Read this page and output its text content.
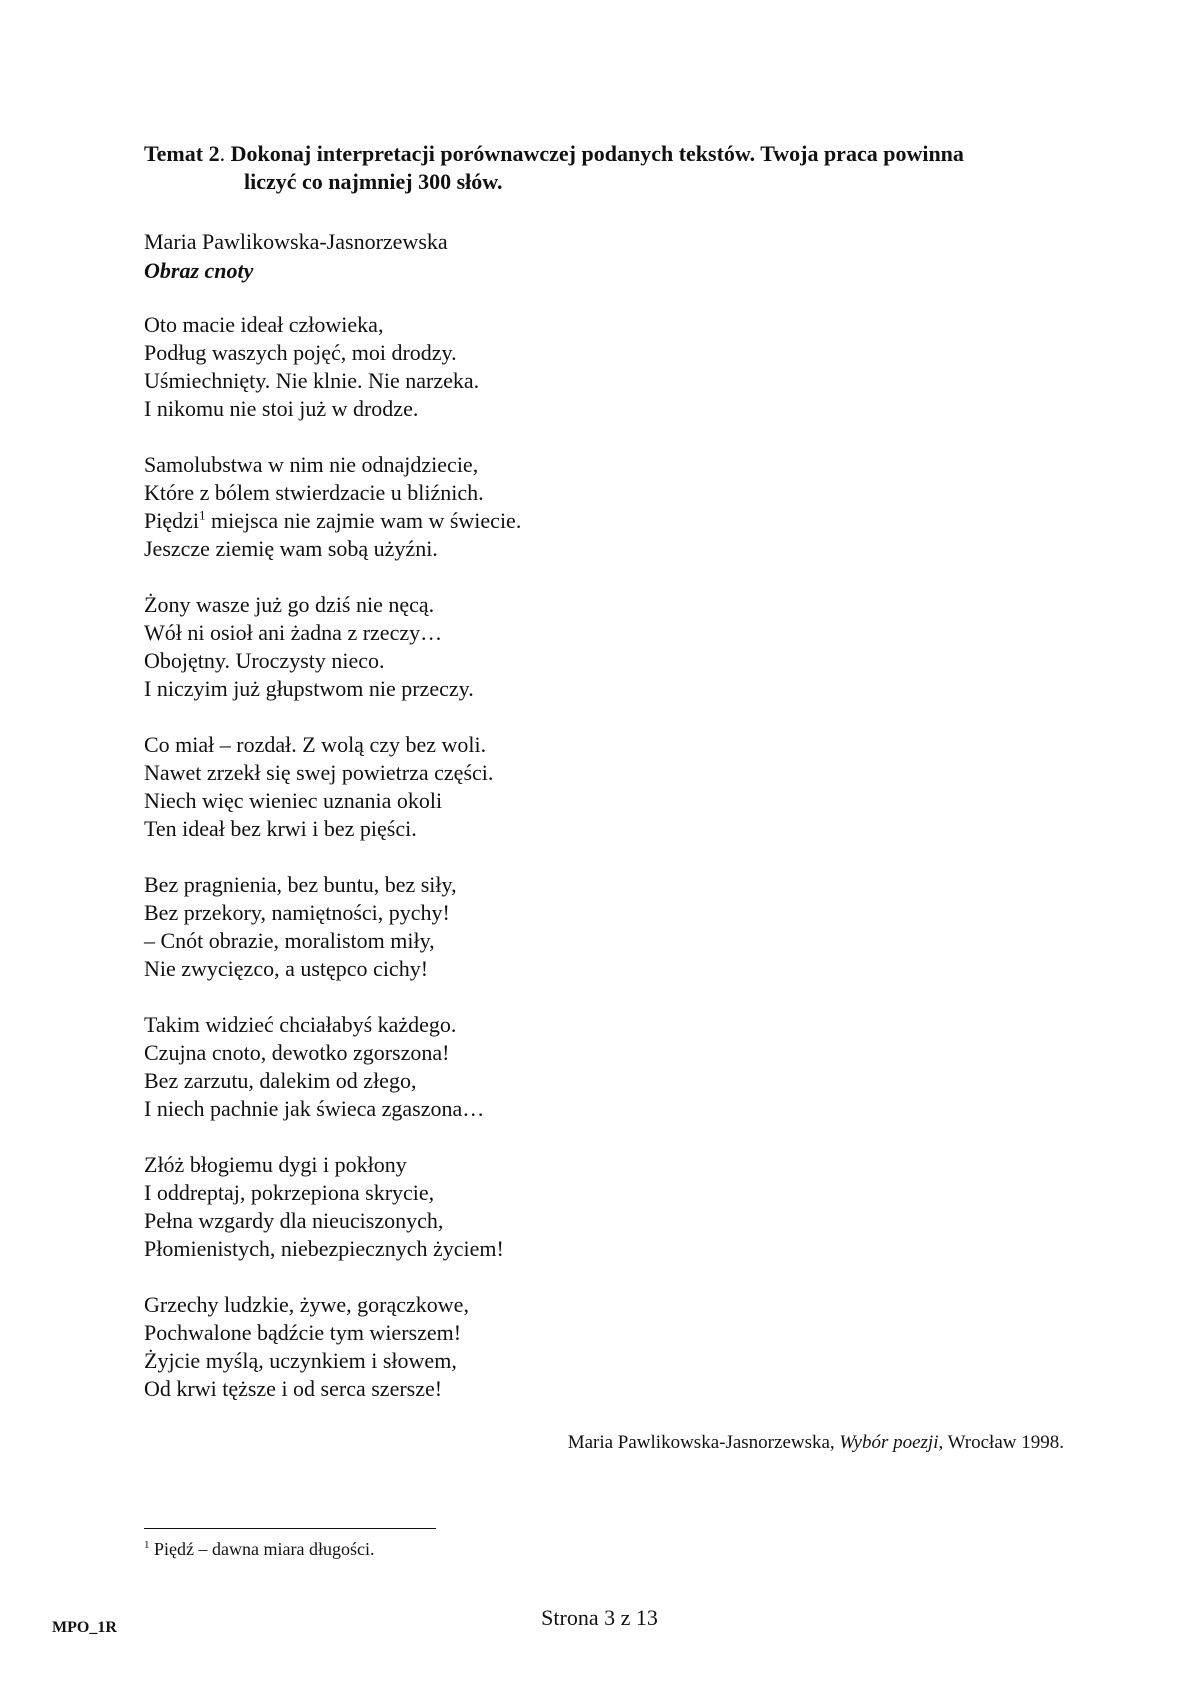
Temat 2. Dokonaj interpretacji porównawczej podanych tekstów. Twoja praca powinna
liczyć co najmniej 300 słów.
Maria Pawlikowska-Jasnorzewska
Obraz cnoty
Oto macie ideał człowieka,
Podług waszych pojęć, moi drodzy.
Uśmiechnięty. Nie klnie. Nie narzeka.
I nikomu nie stoi już w drodze.
Samolubstwa w nim nie odnajdziecie,
Które z bólem stwierdzacie u bliźnich.
Piędzi$^1$ miejsca nie zajmie wam w świecie.
Jeszcze ziemię wam sobą użyźni.
Żony wasze już go dziś nie nęcą.
Wół ni osioł ani żadna z rzeczy…
Obojętny. Uroczysty nieco.
I niczyim już głupstwom nie przeczy.
Co miał – rozdał. Z wolą czy bez woli.
Nawet zrzekł się swej powietrza części.
Niech więc wieniec uznania okoli
Ten ideał bez krwi i bez pięści.
Bez pragnienia, bez buntu, bez siły,
Bez przekory, namiętności, pychy!
– Cnót obrazie, moralistom miły,
Nie zwycięzco, a ustępco cichy!
Takim widzieć chciałabyś każdego.
Czujna cnoto, dewotko zgorszona!
Bez zarzutu, dalekim od złego,
I niech pachnie jak świeca zgaszona…
Złóż błogiemu dygi i pokłony
I oddreptaj, pokrzepiona skrycie,
Pełna wzgardy dla nieuciszonych,
Płomienistych, niebezpiecznych życiem!
Grzechy ludzkie, żywe, gorączkowe,
Pochwalone bądźcie tym wierszem!
Żyjcie myślą, uczynkiem i słowem,
Od krwi tęższe i od serca szersze!
Maria Pawlikowska-Jasnorzewska, Wybór poezji, Wrocław 1998.
$^1$ Piędź – dawna miara długości.
Strona 3 z 13
MPO_1R
